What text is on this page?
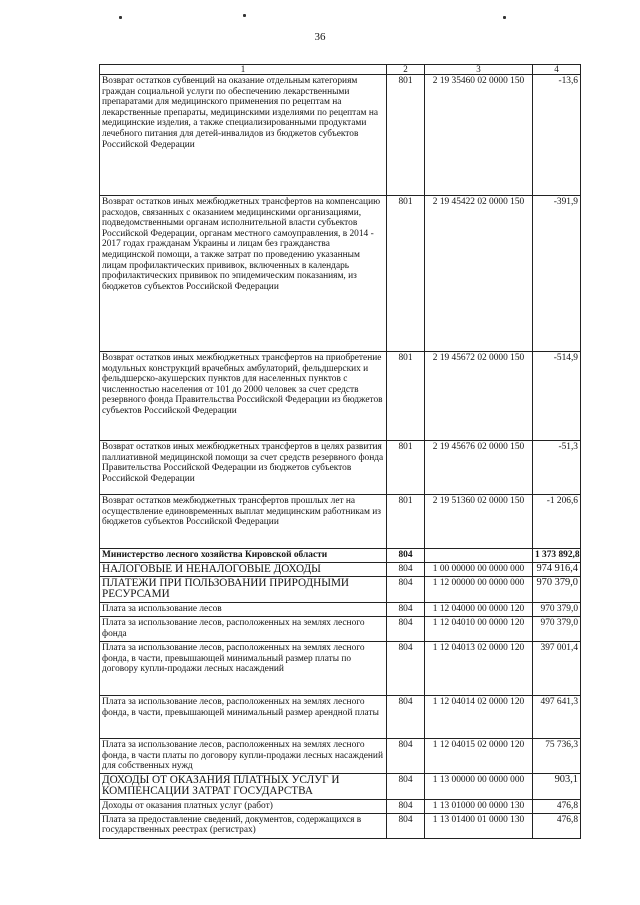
36
1	2	3	4
Возврат остатков субвенций на оказание отдельным категориям граждан социальной услуги по обеспечению лекарственными препаратами для медицинского применения по рецептам на лекарственные препараты, медицинскими изделиями по рецептам на медицинские изделия, а также специализированными продуктами лечебного питания для детей-инвалидов из бюджетов субъектов Российской Федерации	801	2 19 35460 02 0000 150	-13,6
Возврат остатков иных межбюджетных трансфертов на компенсацию расходов, связанных с оказанием медицинскими организациями, подведомственными органам исполнительной власти субъектов Российской Федерации, органам местного самоуправления, в 2014 - 2017 годах гражданам Украины и лицам без гражданства медицинской помощи, а также затрат по проведению указанным лицам профилактических прививок, включенных в календарь профилактических прививок по эпидемическим показаниям, из бюджетов субъектов Российской Федерации	801	2 19 45422 02 0000 150	-391,9
Возврат остатков иных межбюджетных трансфертов на приобретение модульных конструкций врачебных амбулаторий, фельдшерских и фельдшерско-акушерских пунктов для населенных пунктов с численностью населения от 101 до 2000 человек за счет средств резервного фонда Правительства Российской Федерации из бюджетов субъектов Российской Федерации	801	2 19 45672 02 0000 150	-514,9
Возврат остатков иных межбюджетных трансфертов в целях развития паллиативной медицинской помощи за счет средств резервного фонда Правительства Российской Федерации из бюджетов субъектов Российской Федерации	801	2 19 45676 02 0000 150	-51,3
Возврат остатков межбюджетных трансфертов прошлых лет на осуществление единовременных выплат медицинским работникам из бюджетов субъектов Российской Федерации	801	2 19 51360 02 0000 150	-1 206,6
Министерство лесного хозяйства Кировской области	804		1 373 892,8
НАЛОГОВЫЕ И НЕНАЛОГОВЫЕ ДОХОДЫ	804	1 00 00000 00 0000 000	974 916,4
ПЛАТЕЖИ ПРИ ПОЛЬЗОВАНИИ ПРИРОДНЫМИ РЕСУРСАМИ	804	1 12 00000 00 0000 000	970 379,0
Плата за использование лесов	804	1 12 04000 00 0000 120	970 379,0
Плата за использование лесов, расположенных на землях лесного фонда	804	1 12 04010 00 0000 120	970 379,0
Плата за использование лесов, расположенных на землях лесного фонда, в части, превышающей минимальный размер платы по договору купли-продажи лесных насаждений	804	1 12 04013 02 0000 120	397 001,4
Плата за использование лесов, расположенных на землях лесного фонда, в части, превышающей минимальный размер арендной платы	804	1 12 04014 02 0000 120	497 641,3
Плата за использование лесов, расположенных на землях лесного фонда, в части платы по договору купли-продажи лесных насаждений для собственных нужд	804	1 12 04015 02 0000 120	75 736,3
ДОХОДЫ ОТ ОКАЗАНИЯ ПЛАТНЫХ УСЛУГ И КОМПЕНСАЦИИ ЗАТРАТ ГОСУДАРСТВА	804	1 13 00000 00 0000 000	903,1
Доходы от оказания платных услуг (работ)	804	1 13 01000 00 0000 130	476,8
Плата за предоставление сведений, документов, содержащихся в государственных реестрах (регистрах)	804	1 13 01400 01 0000 130	476,8
